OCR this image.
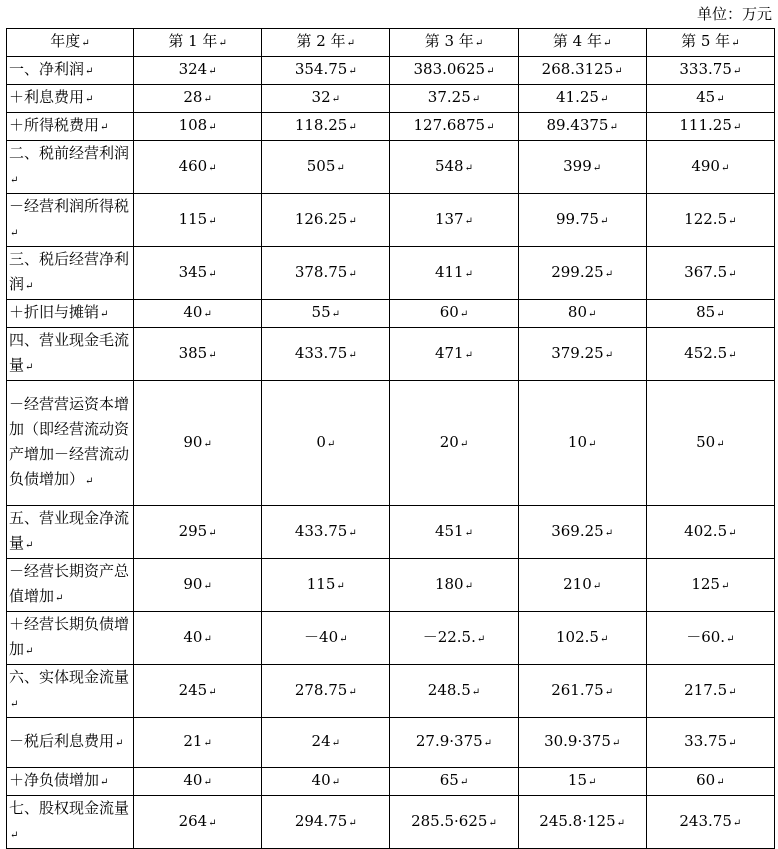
单位：万元
年度↵	第 1 年↵	第 2 年↵	第 3 年↵	第 4 年↵	第 5 年↵
一、净利润↵	324↵	354.75↵	383.0625↵	268.3125↵	333.75↵
＋利息费用↵	28↵	32↵	37.25↵	41.25↵	45↵
＋所得税费用↵	108↵	118.25↵	127.6875↵	89.4375↵	111.25↵
二、税前经营利润↵	460↵	505↵	548↵	399↵	490↵
－经营利润所得税↵	115↵	126.25↵	137↵	99.75↵	122.5↵
三、税后经营净利润↵	345↵	378.75↵	411↵	299.25↵	367.5↵
＋折旧与摊销↵	40↵	55↵	60↵	80↵	85↵
四、营业现金毛流量↵	385↵	433.75↵	471↵	379.25↵	452.5↵
－经营营运资本增加（即经营流动资产增加－经营流动负债增加）↵	90↵	0↵	20↵	10↵	50↵
五、营业现金净流量↵	295↵	433.75↵	451↵	369.25↵	402.5↵
－经营长期资产总值增加↵	90↵	115↵	180↵	210↵	125↵
＋经营长期负债增加↵	40↵	－40↵	－22.5.↵	102.5↵	－60.↵
六、实体现金流量↵	245↵	278.75↵	248.5↵	261.75↵	217.5↵
－税后利息费用↵	21↵	24↵	27.9·375↵	30.9·375↵	33.75↵
＋净负债增加↵	40↵	40↵	65↵	15↵	60↵
七、股权现金流量↵	264↵	294.75↵	285.5·625↵	245.8·125↵	243.75↵
